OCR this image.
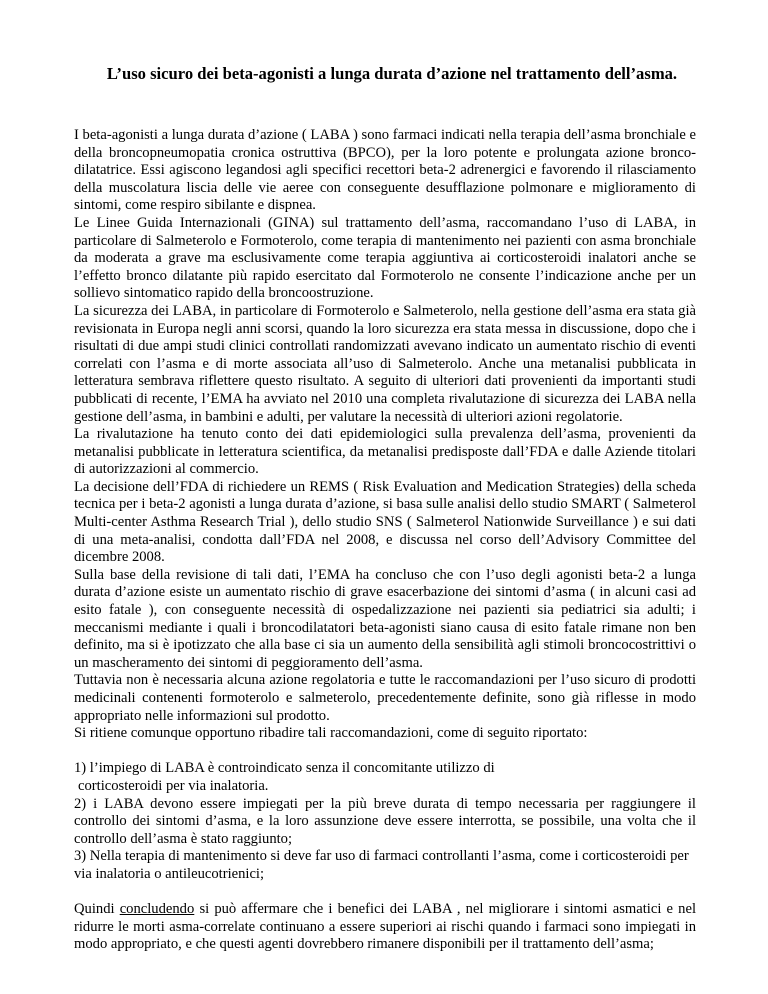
L’uso sicuro dei beta-agonisti a lunga durata d’azione nel trattamento dell’asma.

I beta-agonisti a lunga durata d’azione ( LABA ) sono farmaci indicati nella terapia dell’asma bronchiale e della broncopneumopatia cronica ostruttiva (BPCO), per la loro potente e prolungata azione bronco-dilatatrice. Essi agiscono legandosi agli specifici recettori beta-2 adrenergici e favorendo il rilasciamento della muscolatura liscia delle vie aeree con conseguente desufflazione polmonare e miglioramento di sintomi, come respiro sibilante e dispnea.

Le Linee Guida Internazionali (GINA) sul trattamento dell’asma, raccomandano l’uso di LABA, in particolare di Salmeterolo e Formoterolo, come terapia di mantenimento nei pazienti con asma bronchiale da moderata a grave ma esclusivamente come terapia aggiuntiva ai corticosteroidi inalatori anche se l’effetto bronco dilatante più rapido esercitato dal Formoterolo ne consente l’indicazione anche per un sollievo sintomatico rapido della broncoostruzione.

La sicurezza dei LABA, in particolare di Formoterolo e Salmeterolo, nella gestione dell’asma era stata già revisionata in Europa negli anni scorsi, quando la loro sicurezza era stata messa in discussione, dopo che i risultati di due ampi studi clinici controllati randomizzati avevano indicato un aumentato rischio di eventi correlati con l’asma e di morte associata all’uso di Salmeterolo. Anche una metanalisi pubblicata in letteratura sembrava riflettere questo risultato. A seguito di ulteriori dati provenienti da importanti studi pubblicati di recente, l’EMA ha avviato nel 2010 una completa rivalutazione di sicurezza dei LABA nella gestione dell’asma, in bambini e adulti, per valutare la necessità di ulteriori azioni regolatorie.

La rivalutazione ha tenuto conto dei dati epidemiologici sulla prevalenza dell’asma, provenienti da metanalisi pubblicate in letteratura scientifica, da metanalisi predisposte dall’FDA e dalle Aziende titolari di autorizzazioni al commercio.

La decisione dell’FDA di richiedere un REMS ( Risk Evaluation and Medication Strategies) della scheda tecnica per i beta-2 agonisti a lunga durata d’azione, si basa sulle analisi dello studio SMART ( Salmeterol Multi-center Asthma Research Trial ), dello studio SNS ( Salmeterol Nationwide Surveillance ) e sui dati di una meta-analisi, condotta dall’FDA nel 2008, e discussa nel corso dell’Advisory Committee del dicembre 2008.

Sulla base della revisione di tali dati, l’EMA ha concluso che con l’uso degli agonisti beta-2 a lunga durata d’azione esiste un aumentato rischio di grave esacerbazione dei sintomi d’asma ( in alcuni casi ad esito fatale ), con conseguente necessità di ospedalizzazione nei pazienti sia pediatrici sia adulti; i meccanismi mediante i quali i broncodilatatori beta-agonisti siano causa di esito fatale rimane non ben definito, ma si è ipotizzato che alla base ci sia un aumento della sensibilità agli stimoli broncocostrittivi o un mascheramento dei sintomi di peggioramento dell’asma.

Tuttavia non è necessaria alcuna azione regolatoria e tutte le raccomandazioni per l’uso sicuro di prodotti medicinali contenenti formoterolo e salmeterolo, precedentemente definite, sono già riflesse in modo appropriato nelle informazioni sul prodotto.

Si ritiene comunque opportuno ribadire tali raccomandazioni, come di seguito riportato:

1) l’impiego di LABA è controindicato senza il concomitante utilizzo di

corticosteroidi per via inalatoria.

2) i LABA devono essere impiegati per la più breve durata di tempo necessaria per raggiungere il controllo dei sintomi d’asma, e la loro assunzione deve essere interrotta, se possibile, una volta che il controllo dell’asma è stato raggiunto;

3) Nella terapia di mantenimento si deve far uso di farmaci controllanti l’asma, come i corticosteroidi per via inalatoria o antileucotrienici;

Quindi concludendo si può affermare che i benefici dei LABA , nel migliorare i sintomi asmatici e nel ridurre le morti asma-correlate continuano a essere superiori ai rischi quando i farmaci sono impiegati in modo appropriato, e che questi agenti dovrebbero rimanere disponibili per il trattamento dell’asma;
